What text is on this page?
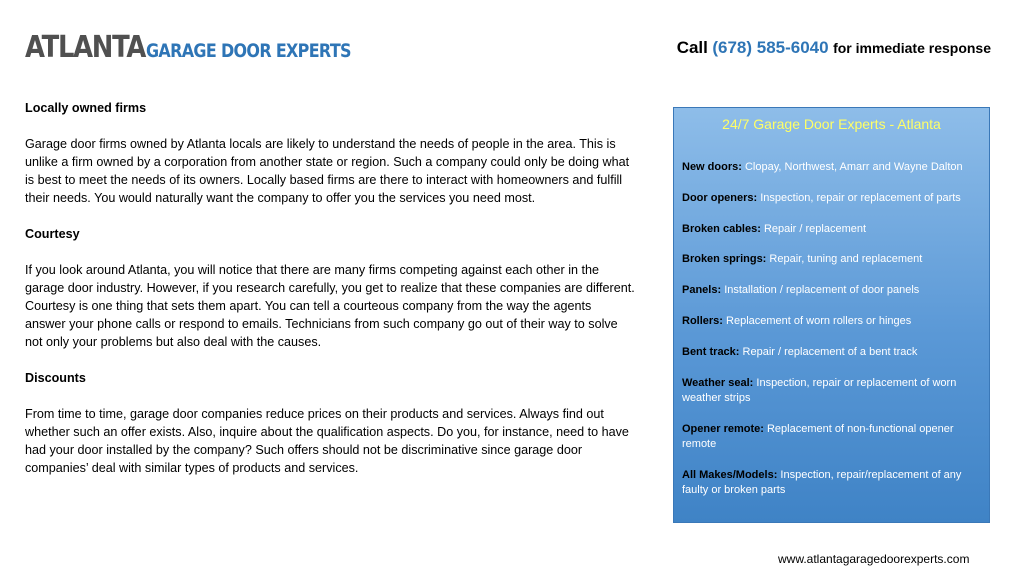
ATLANTA GARAGE DOOR EXPERTS	Call (678) 585-6040 for immediate response

Locally owned firms

Garage door firms owned by Atlanta locals are likely to understand the needs of people in the area. This is unlike a firm owned by a corporation from another state or region. Such a company could only be doing what is best to meet the needs of its owners. Locally based firms are there to interact with homeowners and fulfill their needs. You would naturally want the company to offer you the services you need most.

Courtesy

If you look around Atlanta, you will notice that there are many firms competing against each other in the garage door industry. However, if you research carefully, you get to realize that these companies are different. Courtesy is one thing that sets them apart. You can tell a courteous company from the way the agents answer your phone calls or respond to emails. Technicians from such company go out of their way to solve not only your problems but also deal with the causes.

Discounts

From time to time, garage door companies reduce prices on their products and services. Always find out whether such an offer exists. Also, inquire about the qualification aspects. Do you, for instance, need to have had your door installed by the company? Such offers should not be discriminative since garage door companies’ deal with similar types of products and services.

24/7 Garage Door Experts - Atlanta
New doors: Clopay, Northwest, Amarr and Wayne Dalton
Door openers: Inspection, repair or replacement of parts
Broken cables: Repair / replacement
Broken springs: Repair, tuning and replacement
Panels: Installation / replacement of door panels
Rollers: Replacement of worn rollers or hinges
Bent track: Repair / replacement of a bent track
Weather seal: Inspection, repair or replacement of worn weather strips
Opener remote: Replacement of non-functional opener remote
All Makes/Models: Inspection, repair/replacement of any faulty or broken parts
www.atlantagaragedoorexperts.com
